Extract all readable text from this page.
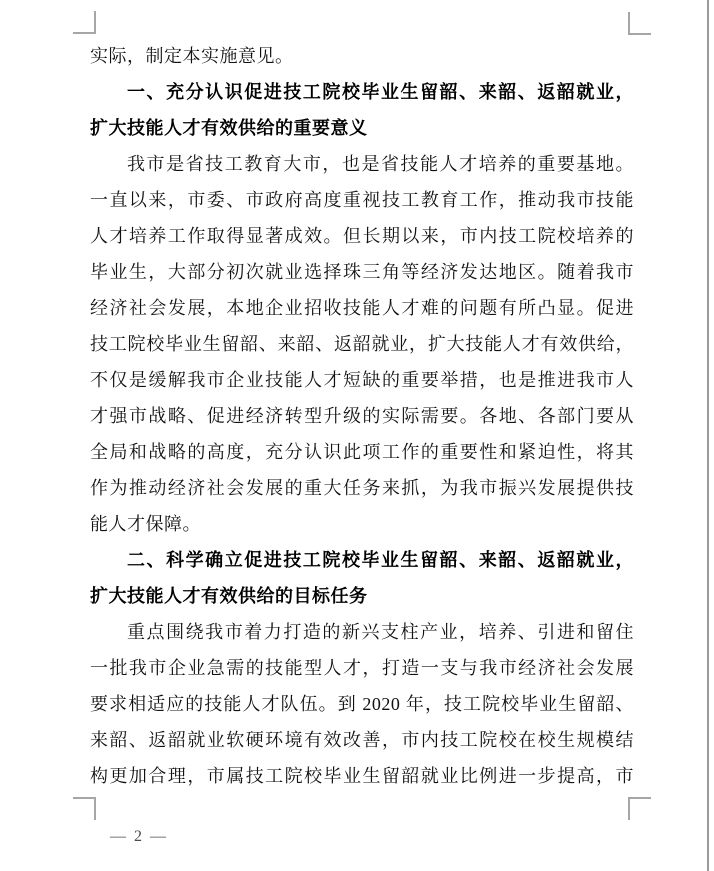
实际，制定本实施意见。
一、充分认识促进技工院校毕业生留韶、来韶、返韶就业，
扩大技能人才有效供给的重要意义
我市是省技工教育大市，也是省技能人才培养的重要基地。
一直以来，市委、市政府高度重视技工教育工作，推动我市技能
人才培养工作取得显著成效。但长期以来，市内技工院校培养的
毕业生，大部分初次就业选择珠三角等经济发达地区。随着我市
经济社会发展，本地企业招收技能人才难的问题有所凸显。促进
技工院校毕业生留韶、来韶、返韶就业，扩大技能人才有效供给，
不仅是缓解我市企业技能人才短缺的重要举措，也是推进我市人
才强市战略、促进经济转型升级的实际需要。各地、各部门要从
全局和战略的高度，充分认识此项工作的重要性和紧迫性，将其
作为推动经济社会发展的重大任务来抓，为我市振兴发展提供技
能人才保障。
二、科学确立促进技工院校毕业生留韶、来韶、返韶就业，
扩大技能人才有效供给的目标任务
重点围绕我市着力打造的新兴支柱产业，培养、引进和留住
一批我市企业急需的技能型人才，打造一支与我市经济社会发展
要求相适应的技能人才队伍。到 2020 年，技工院校毕业生留韶、
来韶、返韶就业软硬环境有效改善，市内技工院校在校生规模结
构更加合理，市属技工院校毕业生留韶就业比例进一步提高，市
— 2 —
